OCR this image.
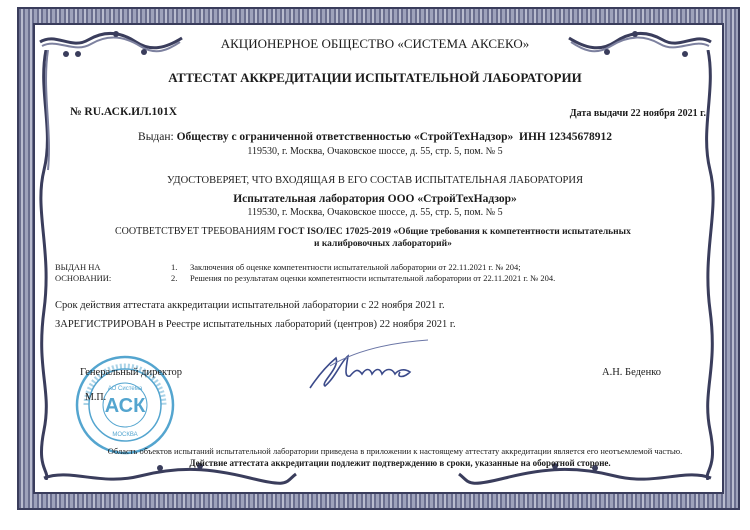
АКЦИОНЕРНОЕ ОБЩЕСТВО «СИСТЕМА АКСЕКО»
АТТЕСТАТ АККРЕДИТАЦИИ ИСПЫТАТЕЛЬНОЙ ЛАБОРАТОРИИ
№ RU.АСК.ИЛ.101Х	Дата выдачи 22 ноября 2021 г.
Выдан: Обществу с ограниченной ответственностью «СтройТехНадзор» ИНН 12345678912
119530, г. Москва, Очаковское шоссе, д. 55, стр. 5, пом. № 5
УДОСТОВЕРЯЕТ, ЧТО ВХОДЯЩАЯ В ЕГО СОСТАВ ИСПЫТАТЕЛЬНАЯ ЛАБОРАТОРИЯ
Испытательная лаборатория ООО «СтройТехНадзор»
119530, г. Москва, Очаковское шоссе, д. 55, стр. 5, пом. № 5
СООТВЕТСТВУЕТ ТРЕБОВАНИЯМ ГОСТ ISO/IEC 17025-2019 «Общие требования к компетентности испытательных
и калибровочных лабораторий»
ВЫДАН НА
ОСНОВАНИИ:
1. Заключения об оценке компетентности испытательной лаборатории от 22.11.2021 г. № 204;
2. Решения по результатам оценки компетентности испытательной лаборатории от 22.11.2021 г. № 204.
Срок действия аттестата аккредитации испытательной лаборатории с 22 ноября 2021 г.
ЗАРЕГИСТРИРОВАН в Реестре испытательных лабораторий (центров) 22 ноября 2021 г.
АСК
АО Система
МОСКВА
Генеральный директор
М.П.
А.Н. Беденко
Область объектов испытаний испытательной лаборатории приведена в приложении к настоящему аттестату аккредитации является его неотъемлемой частью.
Действие аттестата аккредитации подлежит подтверждению в сроки, указанные на оборотной стороне.
